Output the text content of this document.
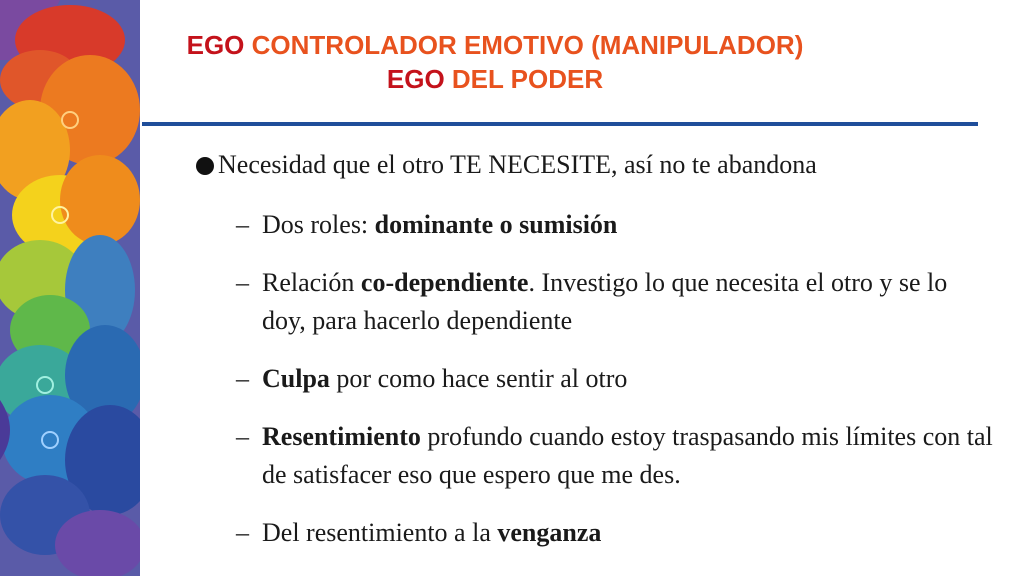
EGO CONTROLADOR EMOTIVO (MANIPULADOR)
EGO DEL PODER
Necesidad que el otro TE NECESITE, así no te abandona
– Dos roles: dominante o sumisión
– Relación co-dependiente. Investigo lo que necesita el otro y se lo doy, para hacerlo dependiente
– Culpa por como hace sentir al otro
– Resentimiento profundo cuando estoy traspasando mis límites con tal de satisfacer eso que espero que me des.
– Del resentimiento a la venganza
